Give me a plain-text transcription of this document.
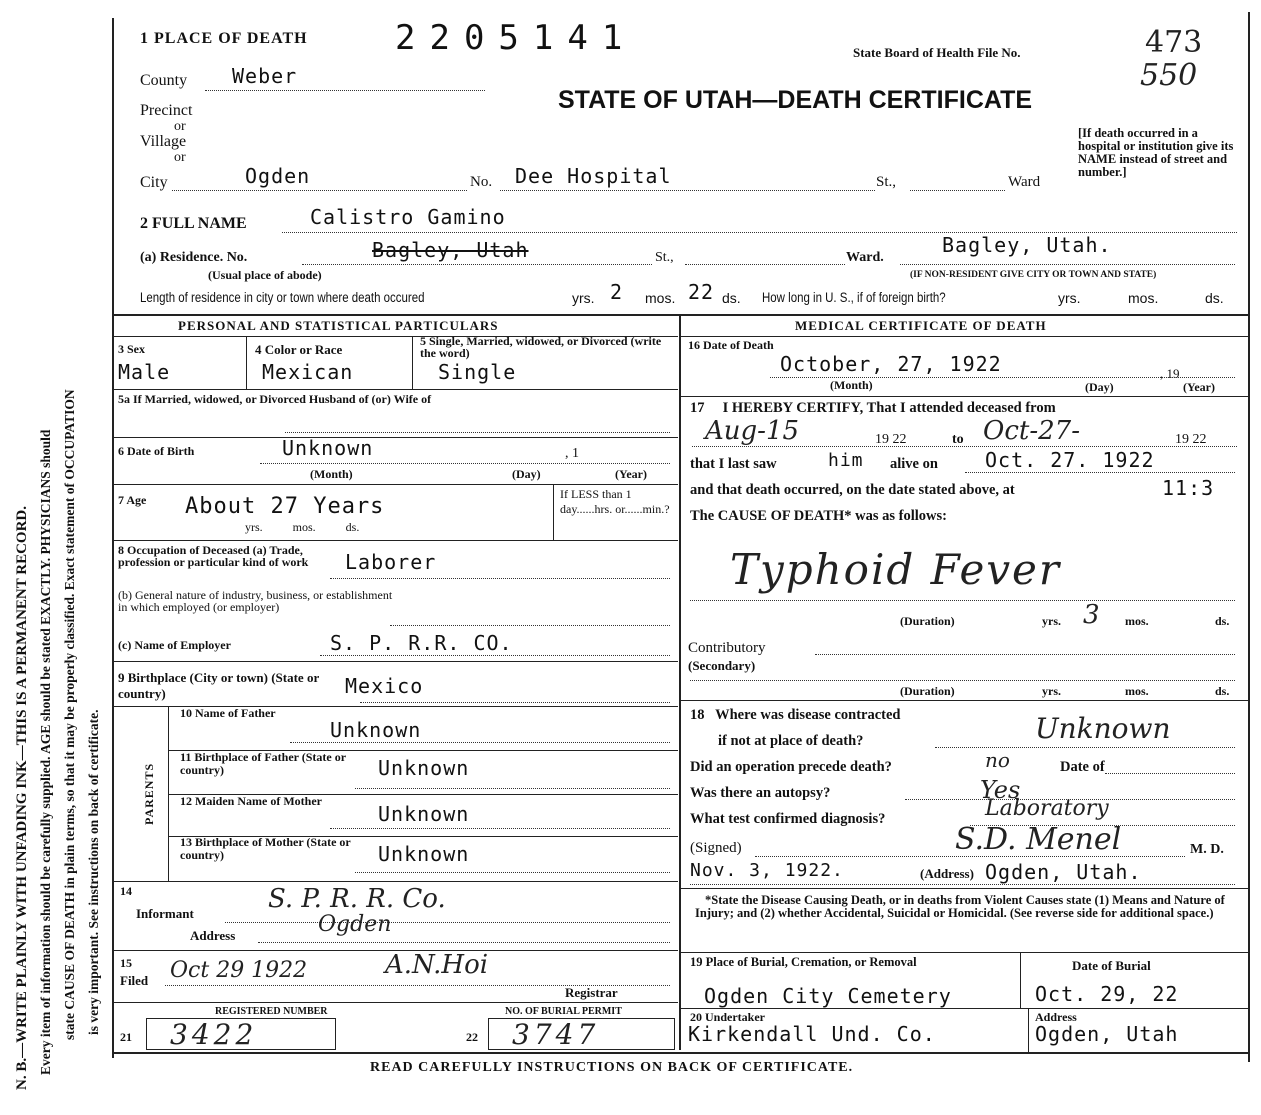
N. B.—WRITE PLAINLY WITH UNFADING INK—THIS IS A PERMANENT RECORD. Every item of information should be carefully supplied. AGE should be stated EXACTLY. PHYSICIANS should state CAUSE OF DEATH in plain terms, so that it may be properly classified. Exact statement of OCCUPATION is very important. See instructions on back of certificate.
1 PLACE OF DEATH	2205141	State Board of Health File No.	473
550
STATE OF UTAH—DEATH CERTIFICATE
County Weber
Precinct
or
Village
or
City	Ogden	No. Dee Hospital	St.,	Ward
[If death occurred in a hospital or institution give its NAME instead of street and number.]
2 FULL NAME	Calistro Gamino
(a) Residence. No.	Bagley, Utah	St.,	Ward.
Bagley, Utah.
(Usual place of abode)	(IF NON-RESIDENT GIVE CITY OR TOWN AND STATE)
Length of residence in city or town where death occured	yrs. 2 mos. 22 ds. How long in U. S., if of foreign birth?	yrs.	mos.	ds.
PERSONAL AND STATISTICAL PARTICULARS
3 Sex
Male
4 Color or Race
Mexican
5 Single, Married, widowed, or Divorced (write the word)
Single
5a If Married, widowed, or Divorced Husband of (or) Wife of
6 Date of Birth	Unknown	, 1
(Month)	(Day)	(Year)
7 Age About 27 Years
yrs.          mos.          ds.
If LESS than 1 day......hrs. or......min.?
8 Occupation of Deceased (a) Trade, profession or particular kind of work	Laborer
(b) General nature of industry, business, or establishment in which employed (or employer)
(c) Name of Employer	S. P. R.R. CO.
9 Birthplace (City or town) (State or country)	Mexico
PARENTS
10 Name of Father
Unknown
11 Birthplace of Father (State or country)	Unknown
12 Maiden Name of Mother
Unknown
13 Birthplace of Mother (State or country)	Unknown
14
Informant	S. P. R. R. Co.
Address	Ogden
15
Filed Oct 29 1922	A.N.Hoi
Registrar
REGISTERED NUMBER
21 3422
NO. OF BURIAL PERMIT
22 3747
MEDICAL CERTIFICATE OF DEATH
16 Date of Death
October, 27, 1922	, 19
(Month)	(Day)	(Year)
17     I HEREBY CERTIFY, That I attended deceased from
Aug-15	19 22	to Oct-27-	19 22
that I last saw	him alive on Oct. 27. 1922
and that death occurred, on the date stated above, at	11:3
The CAUSE OF DEATH* was as follows:
Typhoid Fever
(Duration)	yrs. 3 mos.	ds.
Contributory
(Secondary)
(Duration)	yrs.	mos.	ds.
18   Where was disease contracted
if not at place of death?	Unknown
Did an operation precede death?	no	Date of
Was there an autopsy?	Yes
What test confirmed diagnosis?	Laboratory
(Signed)	S.D. Menel	M. D.
Nov. 3, 1922.	(Address) Ogden, Utah.
*State the Disease Causing Death, or in deaths from Violent Causes state (1) Means and Nature of Injury; and (2) whether Accidental, Suicidal or Homicidal. (See reverse side for additional space.)
19 Place of Burial, Cremation, or Removal
Ogden City Cemetery
Date of Burial
Oct. 29, 22
20 Undertaker
Kirkendall Und. Co.
Address
Ogden, Utah
READ CAREFULLY INSTRUCTIONS ON BACK OF CERTIFICATE.
